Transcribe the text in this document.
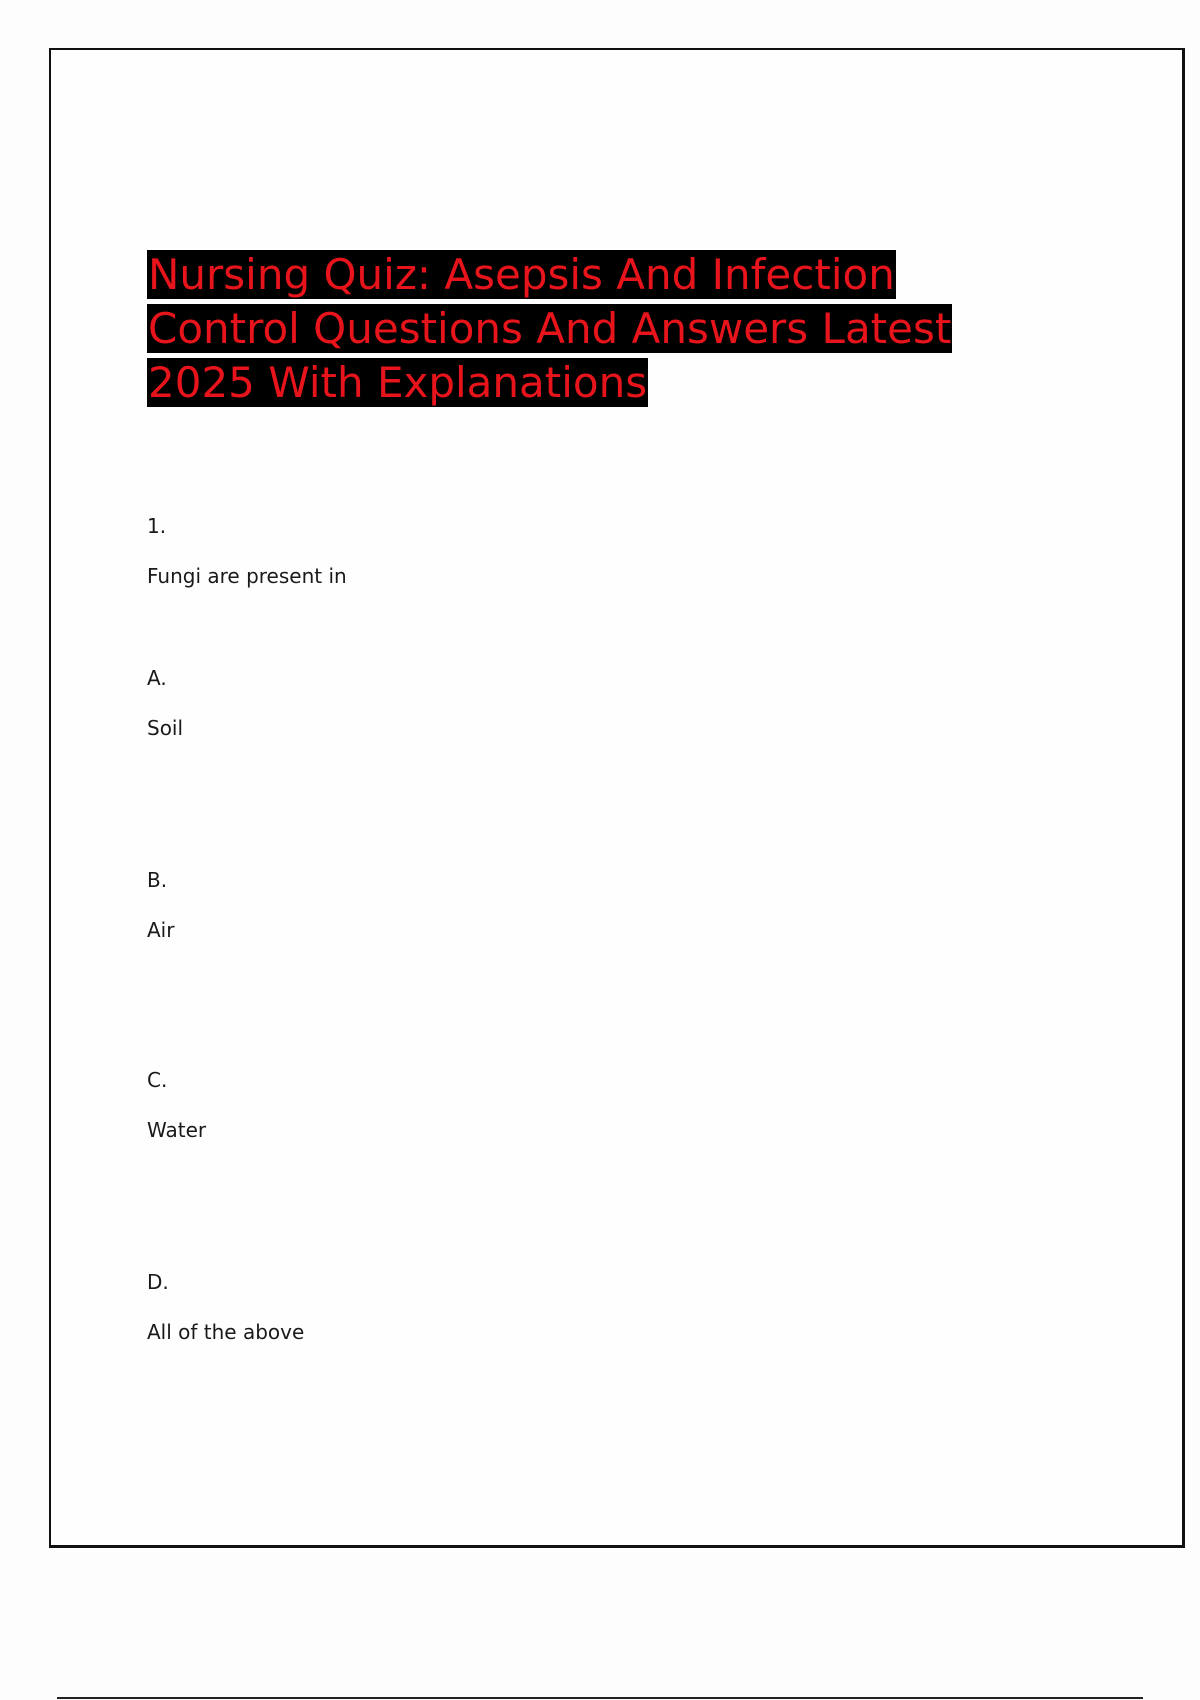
Nursing Quiz: Asepsis And Infection
Control Questions And Answers Latest
2025 With Explanations

1.

Fungi are present in

A.

Soil

B.

Air

C.

Water

D.

All of the above
